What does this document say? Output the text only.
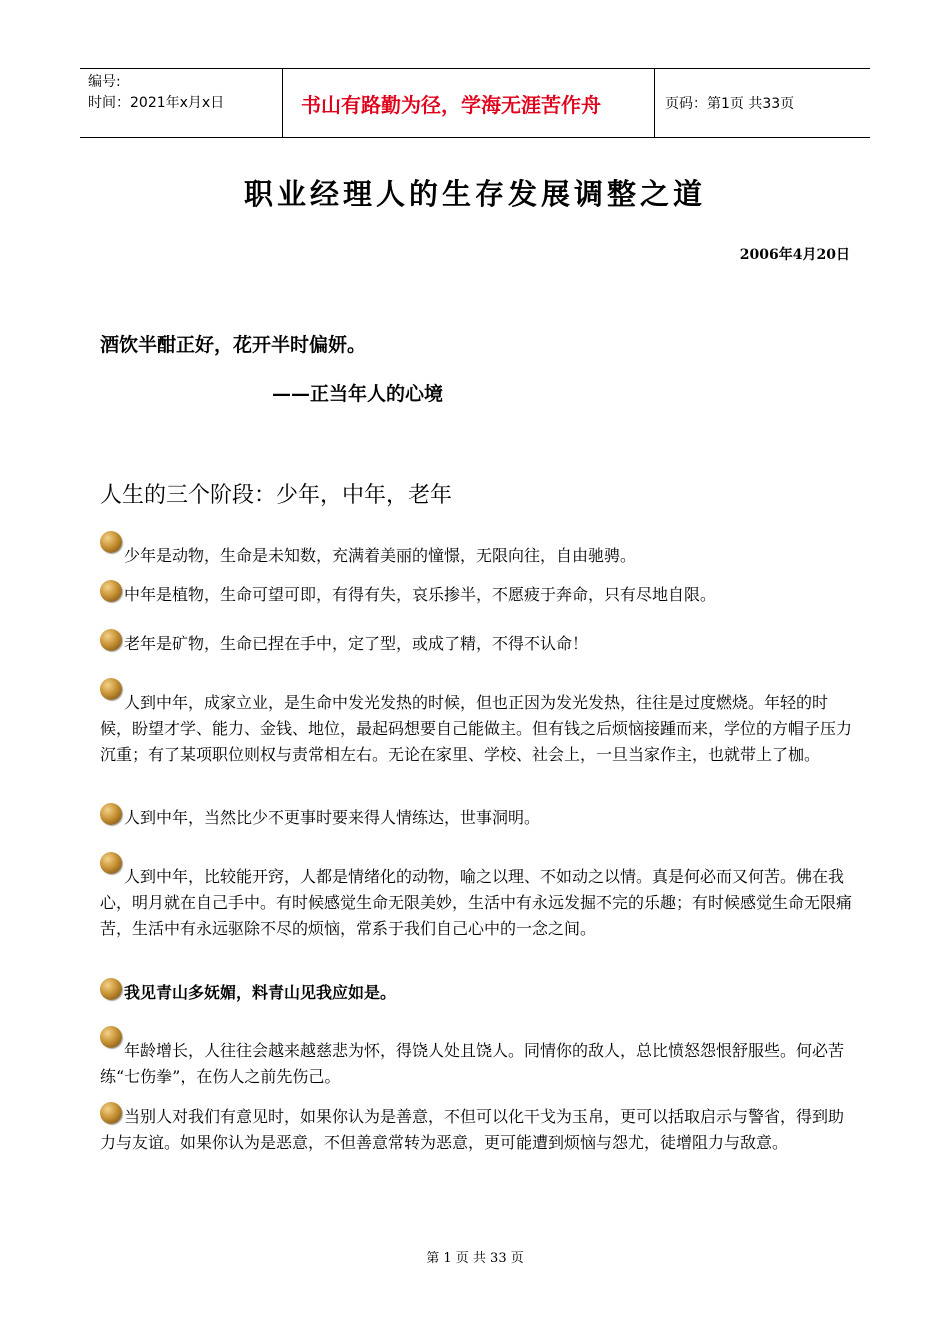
编号:
时间：2021年x月x日	书山有路勤为径，学海无涯苦作舟	页码：第1页 共33页
职业经理人的生存发展调整之道
2006年4月20日
酒饮半酣正好，花开半时偏妍。
——正当年人的心境
人生的三个阶段：少年，中年，老年
少年是动物，生命是未知数，充满着美丽的憧憬，无限向往，自由驰骋。
中年是植物，生命可望可即，有得有失，哀乐掺半，不愿疲于奔命，只有尽地自限。
老年是矿物，生命已捏在手中，定了型，或成了精，不得不认命！
人到中年，成家立业，是生命中发光发热的时候，但也正因为发光发热，往往是过度燃烧。年轻的时候，盼望才学、能力、金钱、地位，最起码想要自己能做主。但有钱之后烦恼接踵而来，学位的方帽子压力沉重；有了某项职位则权与责常相左右。无论在家里、学校、社会上，一旦当家作主，也就带上了枷。
人到中年，当然比少不更事时要来得人情练达，世事洞明。
人到中年，比较能开窍，人都是情绪化的动物，喻之以理、不如动之以情。真是何必而又何苦。佛在我心，明月就在自己手中。有时候感觉生命无限美妙，生活中有永远发掘不完的乐趣；有时候感觉生命无限痛苦，生活中有永远驱除不尽的烦恼，常系于我们自己心中的一念之间。
我见青山多妩媚，料青山见我应如是。
年龄增长，人往往会越来越慈悲为怀，得饶人处且饶人。同情你的敌人，总比愤怒怨恨舒服些。何必苦练“七伤拳”，在伤人之前先伤己。
当别人对我们有意见时，如果你认为是善意，不但可以化干戈为玉帛，更可以括取启示与警省，得到助力与友谊。如果你认为是恶意，不但善意常转为恶意，更可能遭到烦恼与怨尤，徒增阻力与敌意。
第 1 页 共 33 页
